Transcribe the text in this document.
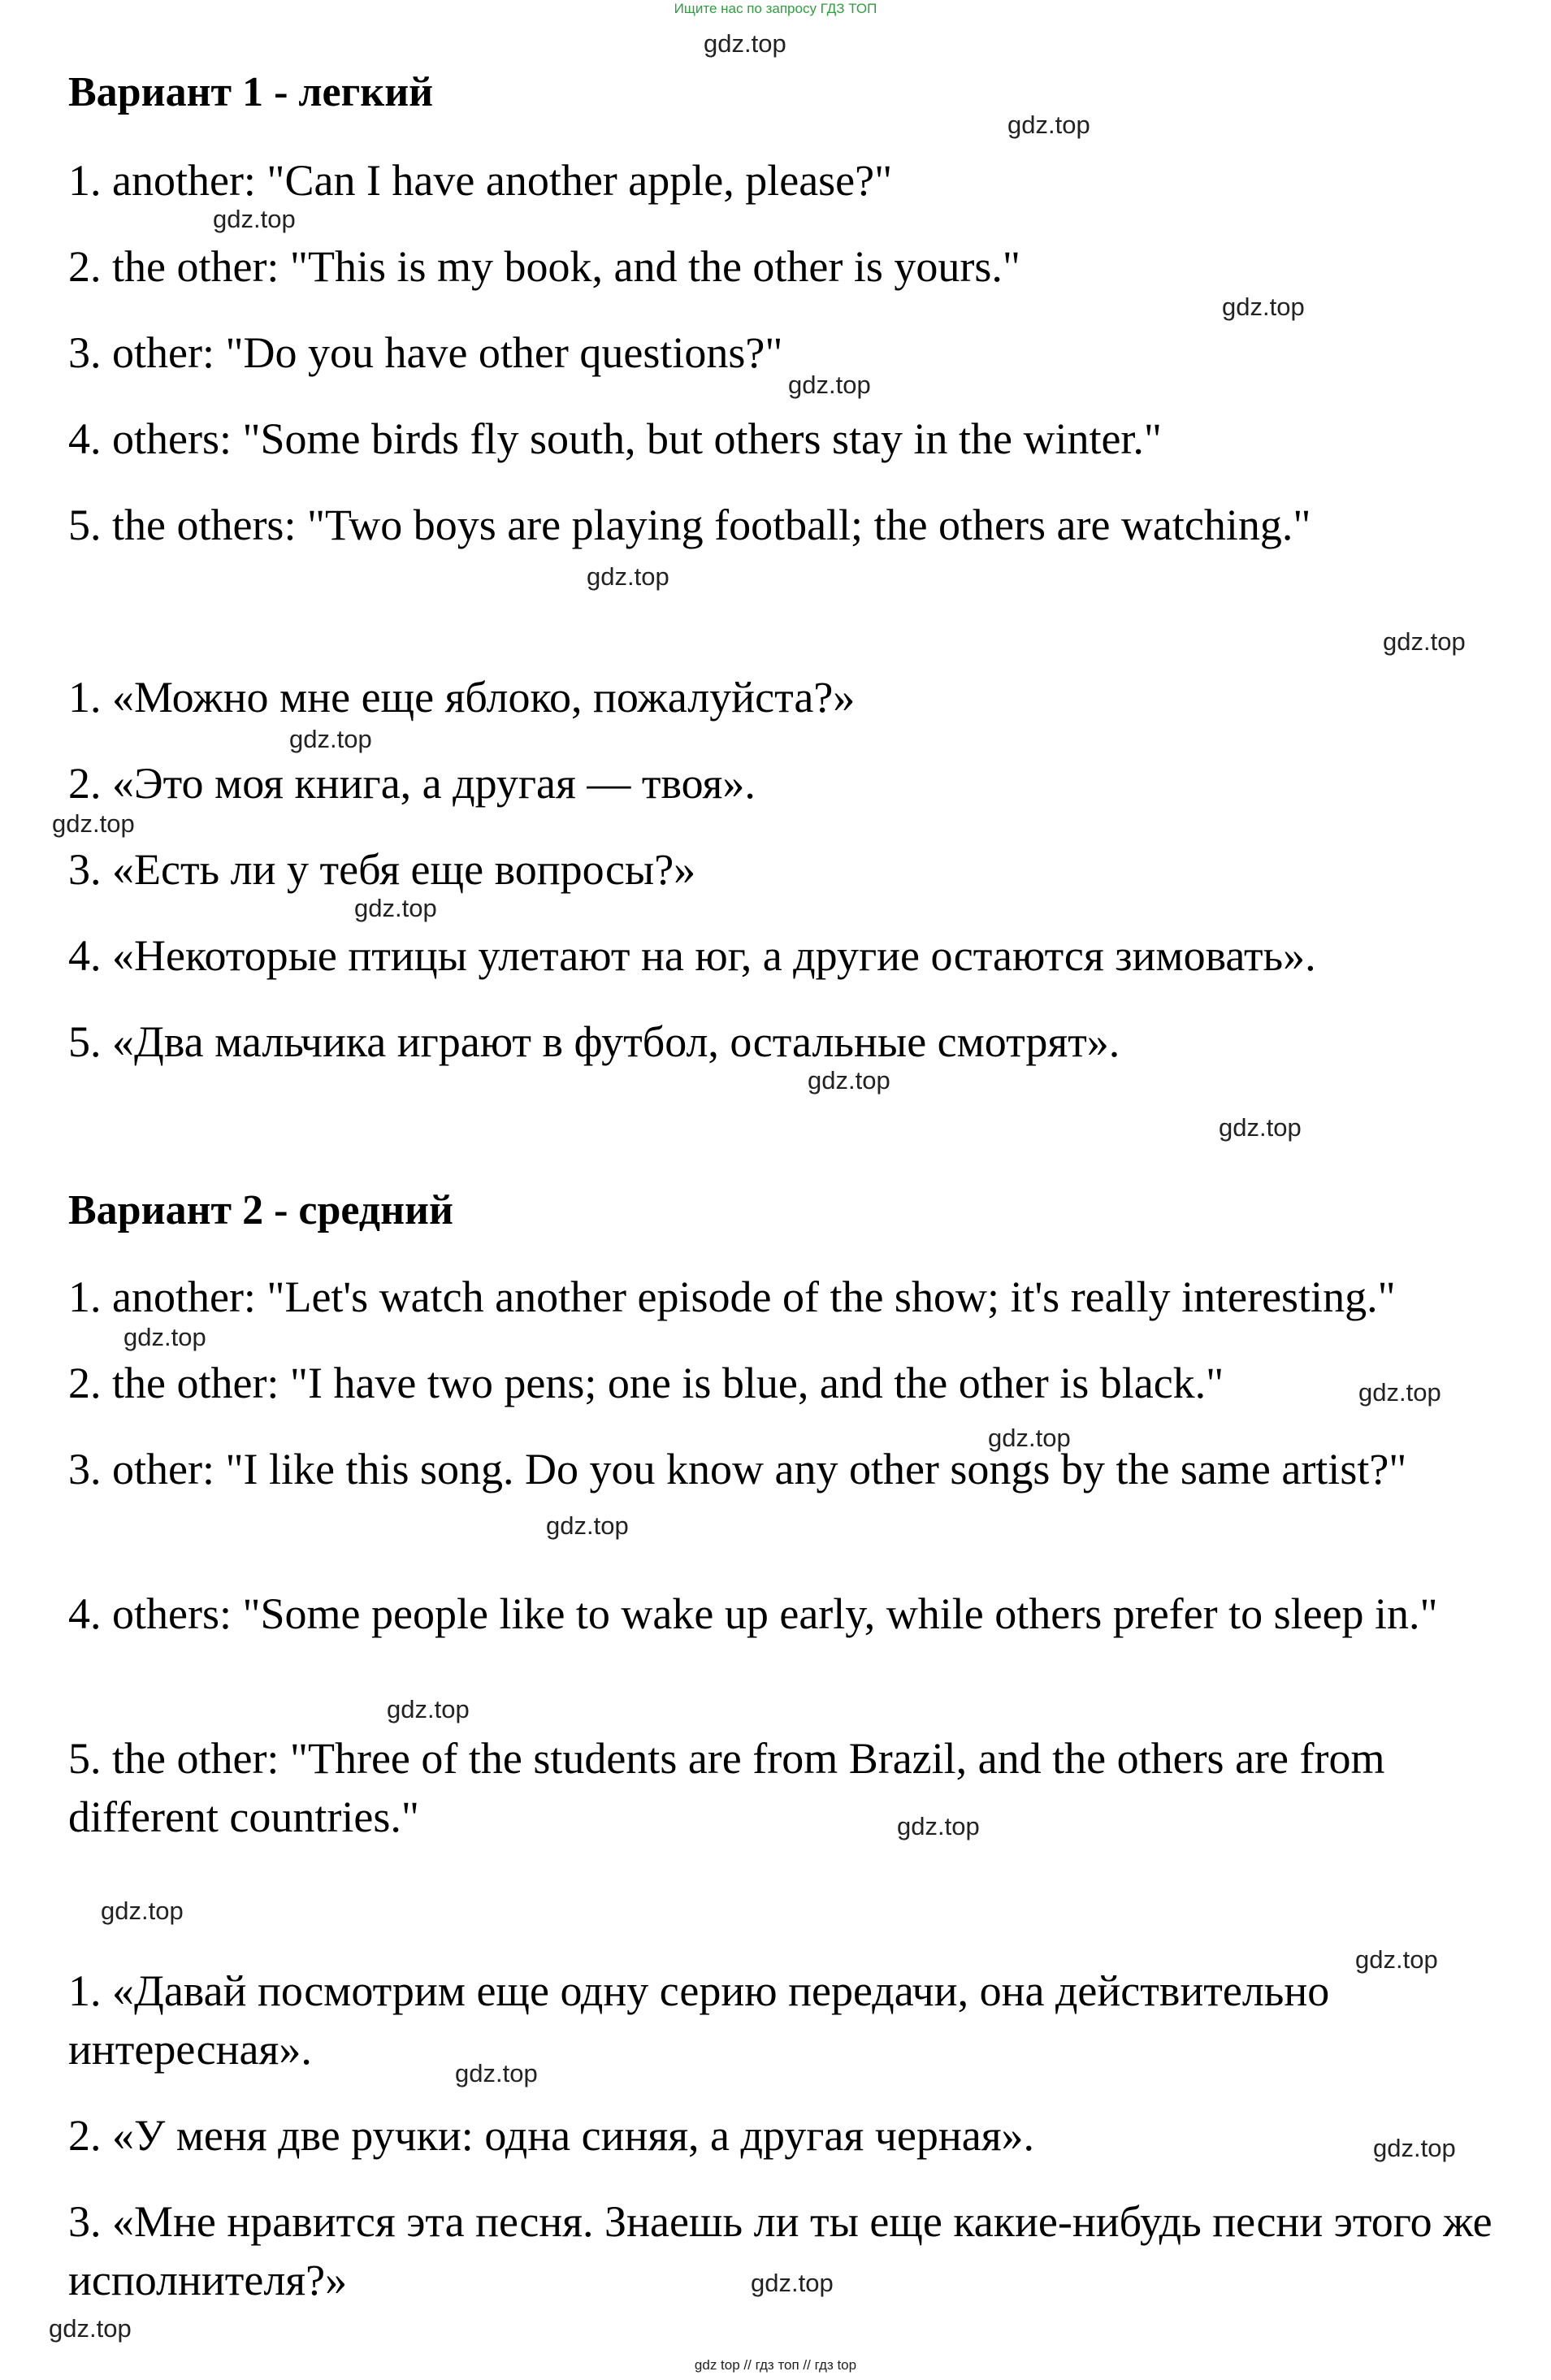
Ищите нас по запросу ГДЗ ТОП
Вариант 1 - легкий

1. another: "Can I have another apple, please?"

2. the other: "This is my book, and the other is yours."

3. other: "Do you have other questions?"

4. others: "Some birds fly south, but others stay in the winter."

5. the others: "Two boys are playing football; the others are watching."

1. «Можно мне еще яблоко, пожалуйста?»

2. «Это моя книга, а другая — твоя».

3. «Есть ли у тебя еще вопросы?»

4. «Некоторые птицы улетают на юг, а другие остаются зимовать».

5. «Два мальчика играют в футбол, остальные смотрят».

Вариант 2 - средний

1. another: "Let's watch another episode of the show; it's really interesting."

2. the other: "I have two pens; one is blue, and the other is black."

3. other: "I like this song. Do you know any other songs by the same artist?"

4. others: "Some people like to wake up early, while others prefer to sleep in."

5. the other: "Three of the students are from Brazil, and the others are from different countries."

1. «Давай посмотрим еще одну серию передачи, она действительно интересная».

2. «У меня две ручки: одна синяя, а другая черная».

3. «Мне нравится эта песня. Знаешь ли ты еще какие-нибудь песни этого же исполнителя?»

gdz.top
gdz.top
gdz.top
gdz.top
gdz.top
gdz.top
gdz.top
gdz.top
gdz.top
gdz.top
gdz.top
gdz.top
gdz.top
gdz.top
gdz.top
gdz.top
gdz.top
gdz.top
gdz.top
gdz.top
gdz.top
gdz.top
gdz.top
gdz.top
gdz top // гдз топ // гдз top
